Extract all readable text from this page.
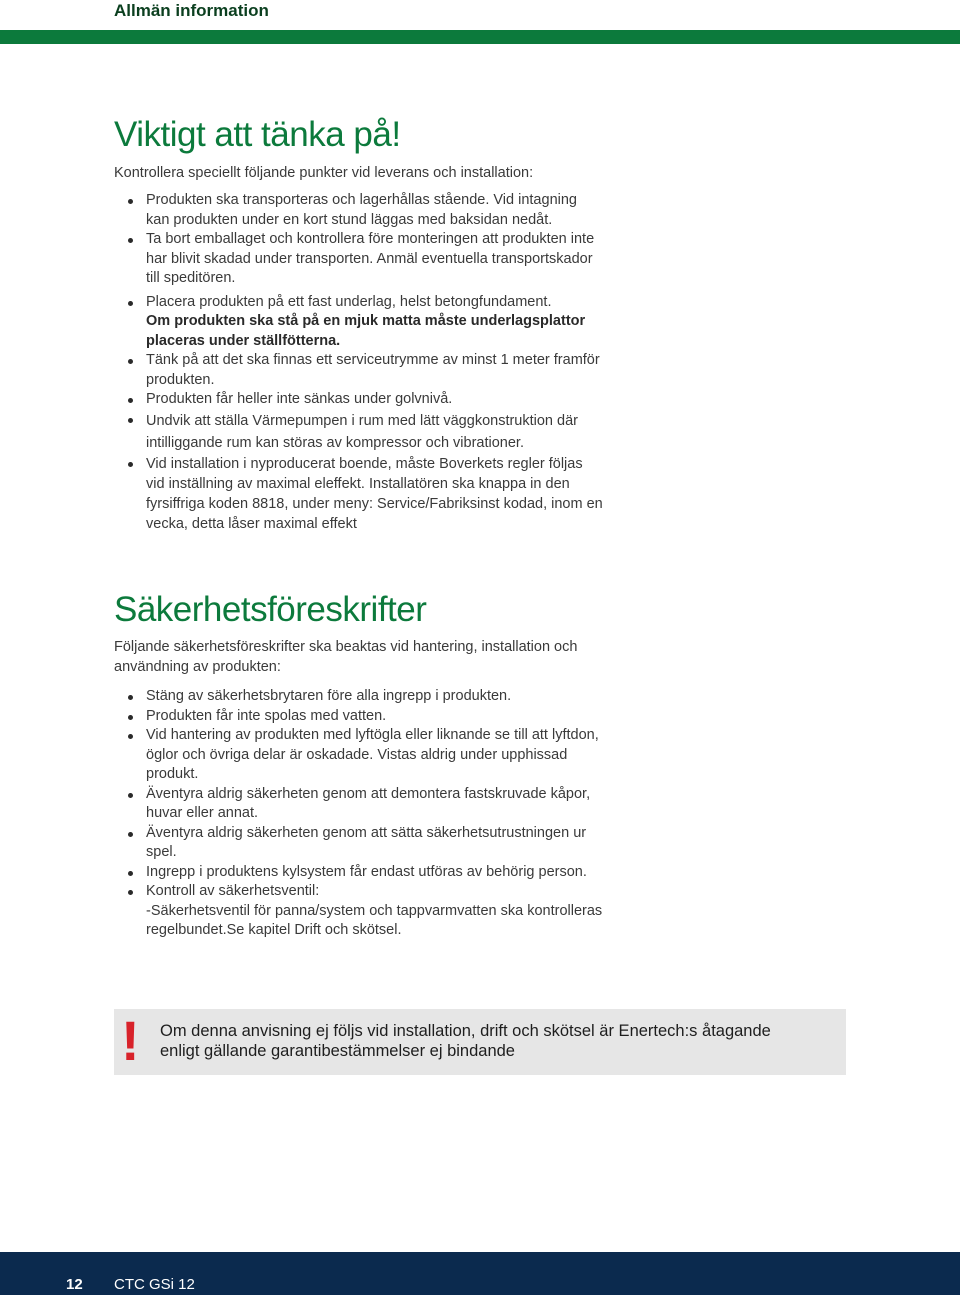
Allmän information
Viktigt att tänka på!
Kontrollera speciellt följande punkter vid leverans och installation:
Produkten ska transporteras och lagerhållas stående. Vid intagning kan produkten under en kort stund läggas med baksidan nedåt.
Ta bort emballaget och kontrollera före monteringen att produkten inte har blivit skadad under transporten. Anmäl eventuella transportskador till speditören.
Placera produkten på ett fast underlag, helst betongfundament.
Om produkten ska stå på en mjuk matta måste underlagsplattor placeras under ställfötterna.
Tänk på att det ska finnas ett serviceutrymme av minst 1 meter framför produkten.
Produkten får heller inte sänkas under golvnivå.
Undvik att ställa Värmepumpen i rum med lätt väggkonstruktion där intilliggande rum kan störas av kompressor och vibrationer.
Vid installation i nyproducerat boende, måste Boverkets regler följas vid inställning av maximal eleffekt. Installatören ska knappa in den fyrsiffriga koden 8818, under meny: Service/Fabriksinst kodad, inom en vecka, detta låser maximal effekt
Säkerhetsföreskrifter
Följande säkerhetsföreskrifter ska beaktas vid hantering, installation och användning av produkten:
Stäng av säkerhetsbrytaren före alla ingrepp i produkten.
Produkten får inte spolas med vatten.
Vid hantering av produkten med lyftögla eller liknande se till att lyftdon, öglor och övriga delar är oskadade. Vistas aldrig under upphissad produkt.
Äventyra aldrig säkerheten genom att demontera fastskruvade kåpor, huvar eller annat.
Äventyra aldrig säkerheten genom att sätta säkerhetsutrustningen ur spel.
Ingrepp i produktens kylsystem får endast utföras av behörig person.
Kontroll av säkerhetsventil:
-Säkerhetsventil för panna/system och tappvarmvatten ska kontrolleras regelbundet.Se kapitel Drift och skötsel.
! Om denna anvisning ej följs vid installation, drift och skötsel är Enertech:s åtagande enligt gällande garantibestämmelser ej bindande
12 CTC GSi 12
